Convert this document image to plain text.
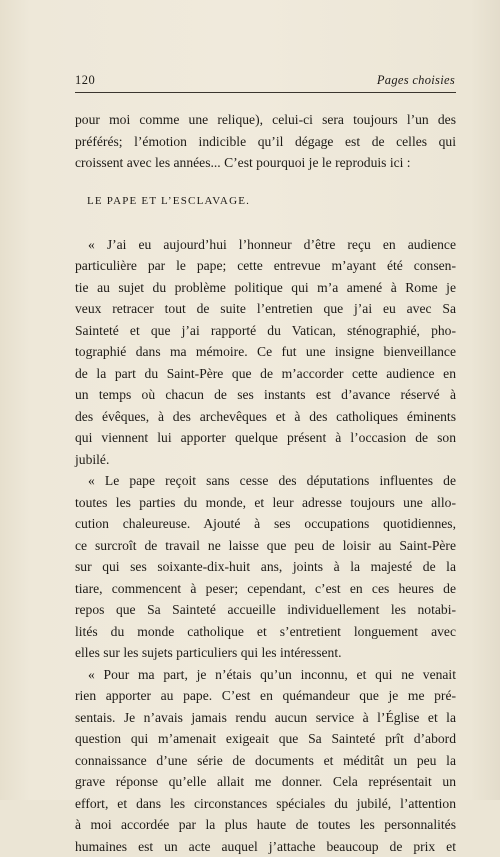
120	Pages choisies

pour moi comme une relique), celui-ci sera toujours l’un des

préférés; l’émotion indicible qu’il dégage est de celles qui

croissent avec les années... C’est pourquoi je le reproduis ici :

LE PAPE ET L’ESCLAVAGE.

« J’ai eu aujourd’hui l’honneur d’être reçu en audience

particulière par le pape; cette entrevue m’ayant été consen-

tie au sujet du problème politique qui m’a amené à Rome je

veux retracer tout de suite l’entretien que j’ai eu avec Sa

Sainteté et que j’ai rapporté du Vatican, sténographié, pho-

tographié dans ma mémoire. Ce fut une insigne bienveillance

de la part du Saint-Père que de m’accorder cette audience en

un temps où chacun de ses instants est d’avance réservé à

des évêques, à des archevêques et à des catholiques éminents

qui viennent lui apporter quelque présent à l’occasion de son

jubilé.

« Le pape reçoit sans cesse des députations influentes de

toutes les parties du monde, et leur adresse toujours une allo-

cution chaleureuse. Ajouté à ses occupations quotidiennes,

ce surcroît de travail ne laisse que peu de loisir au Saint-Père

sur qui ses soixante-dix-huit ans, joints à la majesté de la

tiare, commencent à peser; cependant, c’est en ces heures de

repos que Sa Sainteté accueille individuellement les notabi-

lités du monde catholique et s’entretient longuement avec

elles sur les sujets particuliers qui les intéressent.

« Pour ma part, je n’étais qu’un inconnu, et qui ne venait

rien apporter au pape. C’est en quémandeur que je me pré-

sentais. Je n’avais jamais rendu aucun service à l’Église et la

question qui m’amenait exigeait que Sa Sainteté prît d’abord

connaissance d’une série de documents et méditât un peu la

grave réponse qu’elle allait me donner. Cela représentait un

effort, et dans les circonstances spéciales du jubilé, l’attention

à moi accordée par la plus haute de toutes les personnalités

humaines est un acte auquel j’attache beaucoup de prix et
